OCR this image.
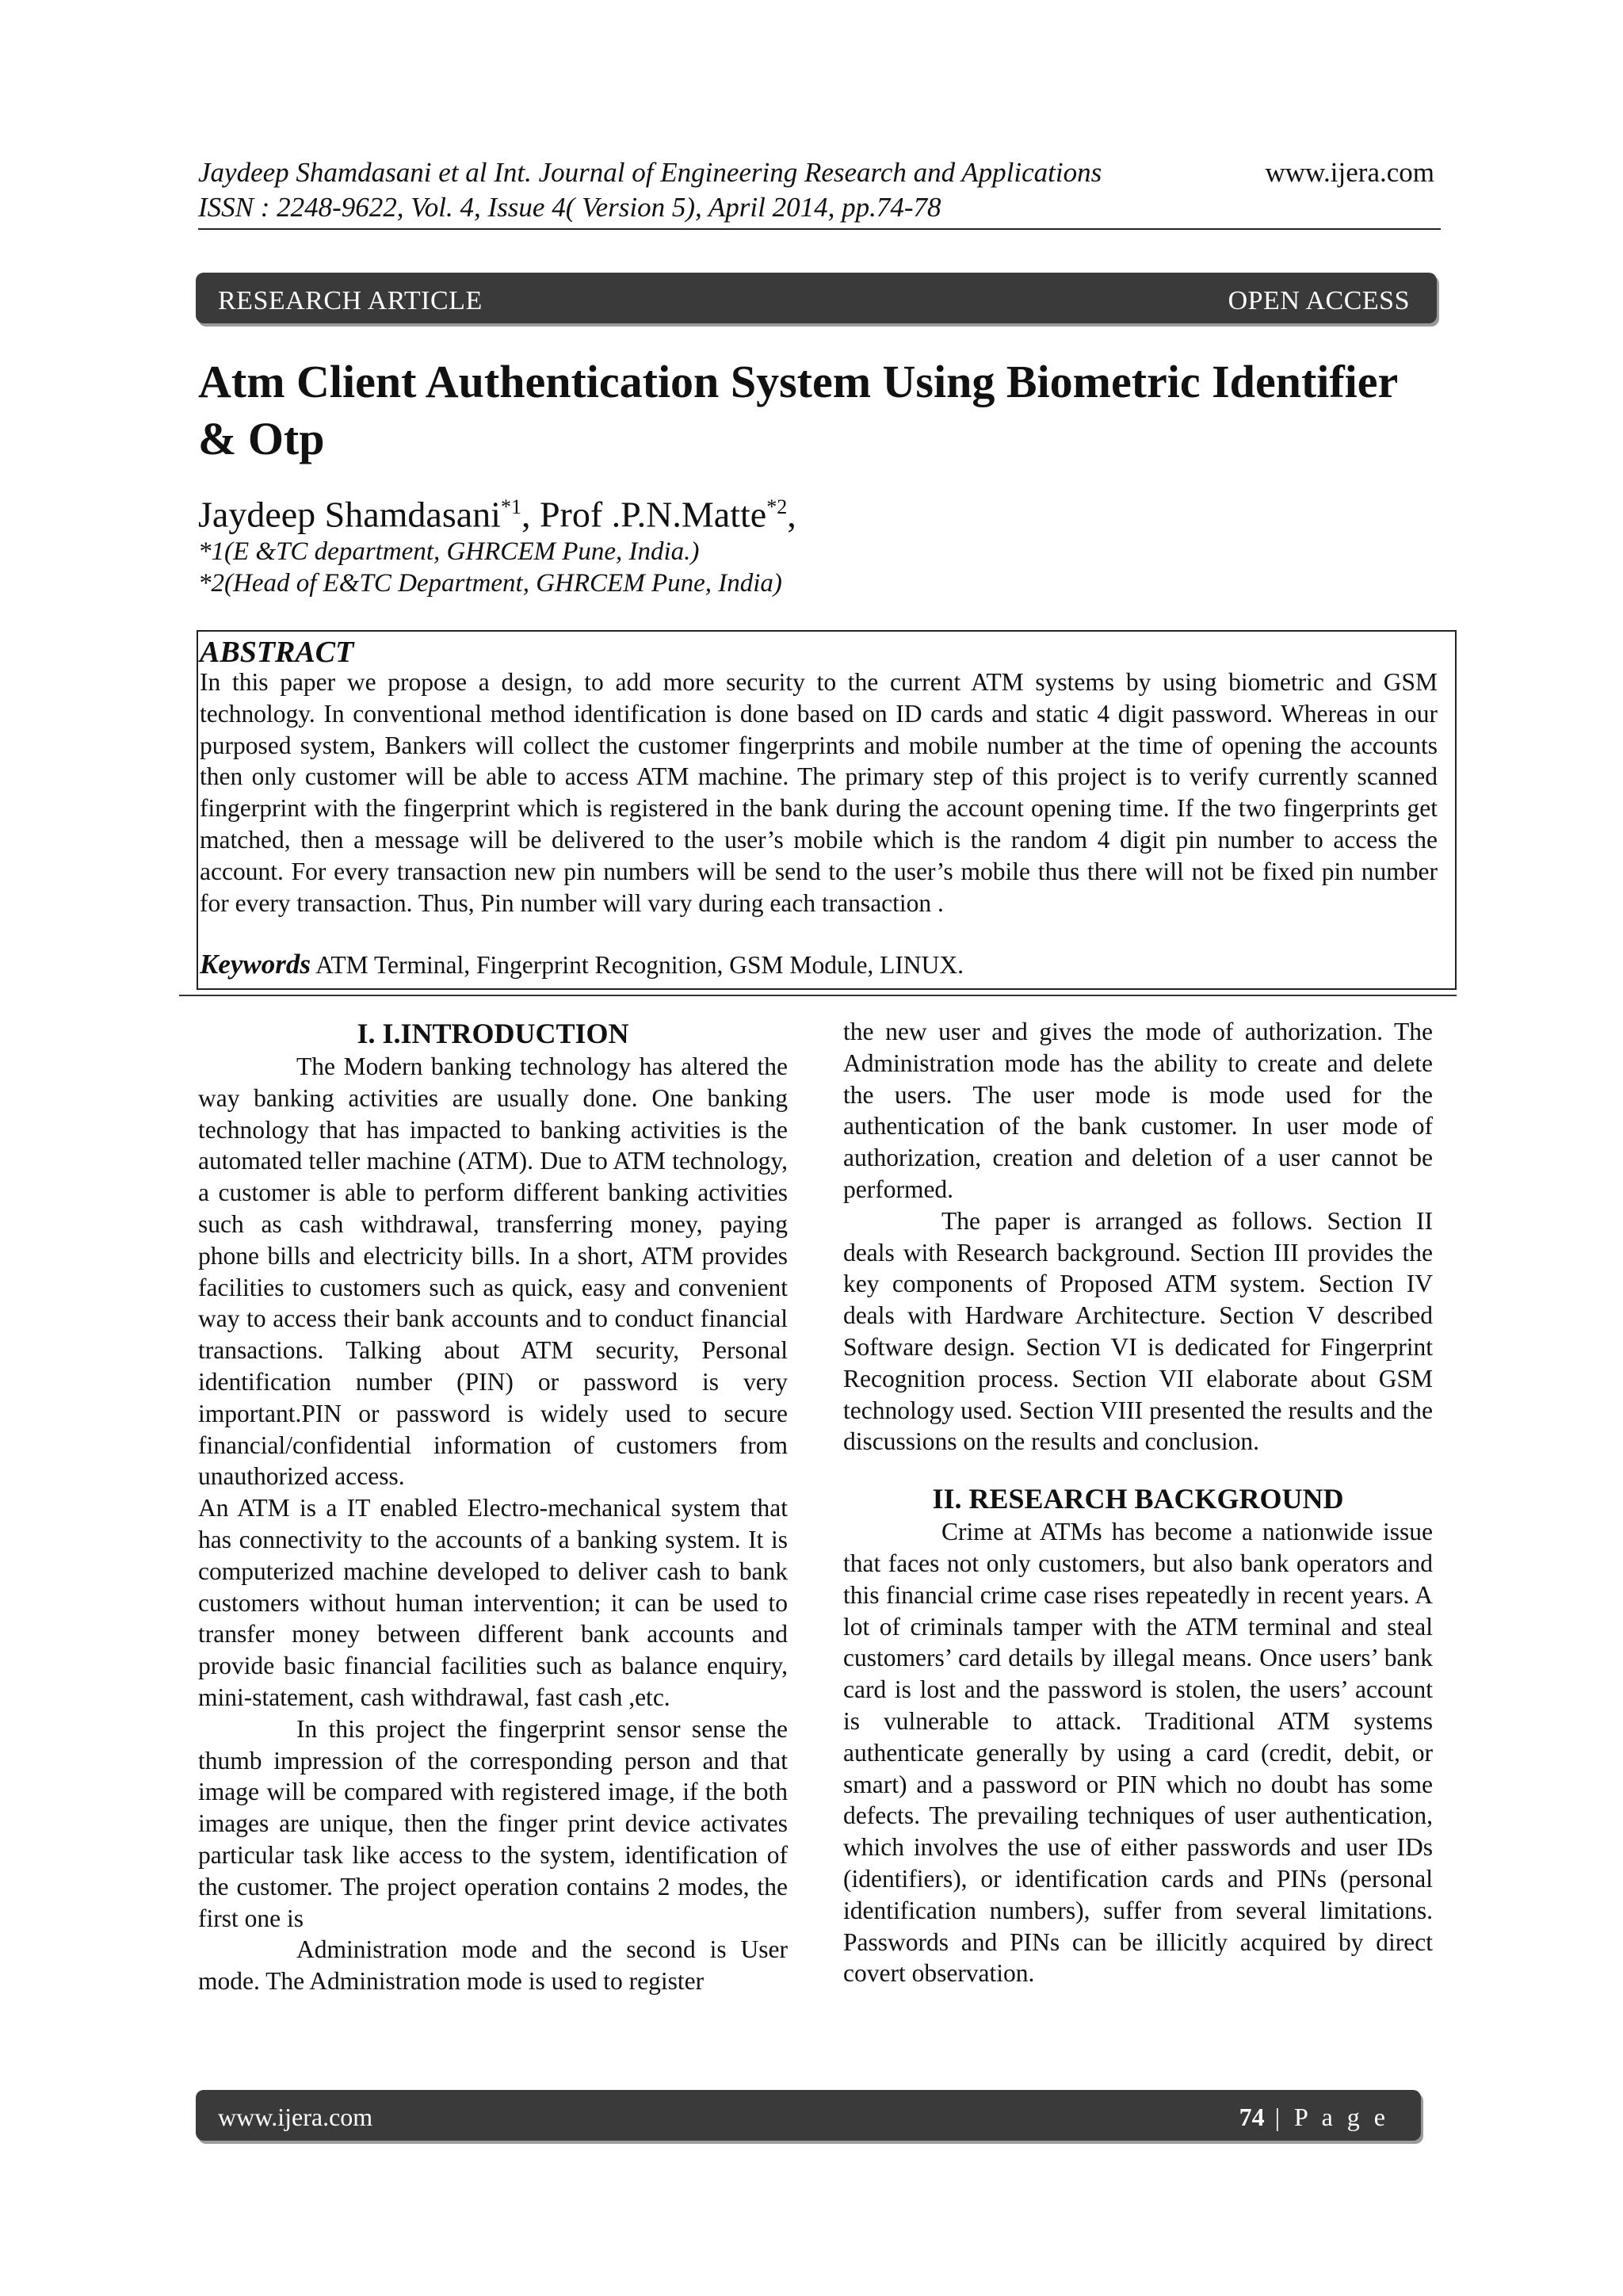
Jaydeep Shamdasani et al Int. Journal of Engineering Research and Applications	www.ijera.com
ISSN : 2248-9622, Vol. 4, Issue 4( Version 5), April 2014, pp.74-78
RESEARCH ARTICLE	OPEN ACCESS
Atm Client Authentication System Using Biometric Identifier & Otp
Jaydeep Shamdasani$^{*1}$, Prof .P.N.Matte$^{*2}$,
*1(E &TC department, GHRCEM Pune, India.)
*2(Head of E&TC Department, GHRCEM Pune, India)
ABSTRACT
In this paper we propose a design, to add more security to the current ATM systems by using biometric and GSM technology. In conventional method identification is done based on ID cards and static 4 digit password. Whereas in our purposed system, Bankers will collect the customer fingerprints and mobile number at the time of opening the accounts then only customer will be able to access ATM machine. The primary step of this project is to verify currently scanned fingerprint with the fingerprint which is registered in the bank during the account opening time. If the two fingerprints get matched, then a message will be delivered to the user’s mobile which is the random 4 digit pin number to access the account. For every transaction new pin numbers will be send to the user’s mobile thus there will not be fixed pin number for every transaction. Thus, Pin number will vary during each transaction .
Keywords ATM Terminal, Fingerprint Recognition, GSM Module, LINUX.
I. I.INTRODUCTION

The Modern banking technology has altered the way banking activities are usually done. One banking technology that has impacted to banking activities is the automated teller machine (ATM). Due to ATM technology, a customer is able to perform different banking activities such as cash withdrawal, transferring money, paying phone bills and electricity bills. In a short, ATM provides facilities to customers such as quick, easy and convenient way to access their bank accounts and to conduct financial transactions. Talking about ATM security, Personal identification number (PIN) or password is very important.PIN or password is widely used to secure financial/confidential information of customers from unauthorized access.

An ATM is a IT enabled Electro-mechanical system that has connectivity to the accounts of a banking system. It is computerized machine developed to deliver cash to bank customers without human intervention; it can be used to transfer money between different bank accounts and provide basic financial facilities such as balance enquiry, mini-statement, cash withdrawal, fast cash ,etc.

In this project the fingerprint sensor sense the thumb impression of the corresponding person and that image will be compared with registered image, if the both images are unique, then the finger print device activates particular task like access to the system, identification of the customer. The project operation contains 2 modes, the first one is

Administration mode and the second is User mode. The Administration mode is used to register

the new user and gives the mode of authorization. The Administration mode has the ability to create and delete the users. The user mode is mode used for the authentication of the bank customer. In user mode of authorization, creation and deletion of a user cannot be performed.

The paper is arranged as follows. Section II deals with Research background. Section III provides the key components of Proposed ATM system. Section IV deals with Hardware Architecture. Section V described Software design. Section VI is dedicated for Fingerprint Recognition process. Section VII elaborate about GSM technology used. Section VIII presented the results and the discussions on the results and conclusion.

II. RESEARCH BACKGROUND

Crime at ATMs has become a nationwide issue that faces not only customers, but also bank operators and this financial crime case rises repeatedly in recent years. A lot of criminals tamper with the ATM terminal and steal customers’ card details by illegal means. Once users’ bank card is lost and the password is stolen, the users’ account is vulnerable to attack. Traditional ATM systems authenticate generally by using a card (credit, debit, or smart) and a password or PIN which no doubt has some defects. The prevailing techniques of user authentication, which involves the use of either passwords and user IDs (identifiers), or identification cards and PINs (personal identification numbers), suffer from several limitations. Passwords and PINs can be illicitly acquired by direct covert observation.

www.ijera.com	74 | P a g e
